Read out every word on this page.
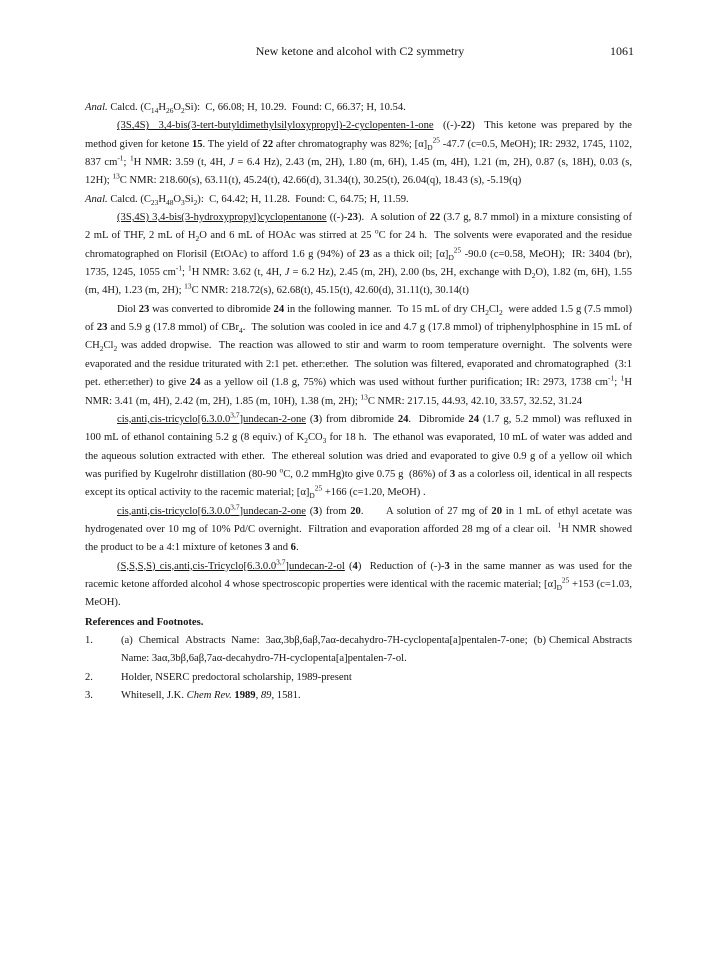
New ketone and alcohol with C2 symmetry	1061

Anal. Calcd. $(C_{14}H_{26}O_2Si)$:  C, 66.08; H, 10.29.  Found: C, 66.37; H, 10.54.

(3S,4S)  3,4-bis(3-tert-butyldimethylsilyloxypropyl)-2-cyclopenten-1-one  ((-)-22)  This ketone was prepared by the method given for ketone 15. The yield of 22 after chromatography was 82%; $[\alpha]_D^{25}$ -47.7 (c=0.5, MeOH); IR: 2932, 1745, 1102, 837 $cm^{-1}$; $^1$H NMR: 3.59 (t, 4H, J = 6.4 Hz), 2.43 (m, 2H), 1.80 (m, 6H), 1.45 (m, 4H), 1.21 (m, 2H), 0.87 (s, 18H), 0.03 (s, 12H); $^{13}$C NMR: 218.60(s), 63.11(t), 45.24(t), 42.66(d), 31.34(t), 30.25(t), 26.04(q), 18.43 (s), -5.19(q)

Anal. Calcd. $(C_{23}H_{48}O_3Si_2)$:  C, 64.42; H, 11.28.  Found: C, 64.75; H, 11.59.

(3S,4S) 3,4-bis(3-hydroxypropyl)cyclopentanone ((-)-23).  A solution of 22 (3.7 g, 8.7 mmol) in a mixture consisting of 2 mL of THF, 2 mL of $H_2O$ and 6 mL of HOAc was stirred at 25 $^o$C for 24 h.  The solvents were evaporated and the residue chromatographed on Florisil (EtOAc) to afford 1.6 g (94%) of 23 as a thick oil; $[\alpha]_D^{25}$ -90.0 (c=0.58, MeOH);  IR: 3404 (br), 1735, 1245, 1055 $cm^{-1}$; $^1$H NMR: 3.62 (t, 4H, J = 6.2 Hz), 2.45 (m, 2H), 2.00 (bs, 2H, exchange with $D_2O$), 1.82 (m, 6H), 1.55 (m, 4H), 1.23 (m, 2H); $^{13}$C NMR: 218.72(s), 62.68(t), 45.15(t), 42.60(d), 31.11(t), 30.14(t)

Diol 23 was converted to dibromide 24 in the following manner.  To 15 mL of dry $CH_2Cl_2$  were added 1.5 g (7.5 mmol) of 23 and 5.9 g (17.8 mmol) of CBr$_4$.  The solution was cooled in ice and 4.7 g (17.8 mmol) of triphenylphosphine in 15 mL of $CH_2Cl_2$ was added dropwise.  The reaction was allowed to stir and warm to room temperature overnight.  The solvents were evaporated and the residue triturated with 2:1 pet. ether:ether.  The solution was filtered, evaporated and chromatographed  (3:1 pet. ether:ether) to give 24 as a yellow oil (1.8 g, 75%) which was used without further purification; IR: 2973, 1738 $cm^{-1}$; $^1$H NMR: 3.41 (m, 4H), 2.42 (m, 2H), 1.85 (m, 10H), 1.38 (m, 2H); $^{13}$C NMR: 217.15, 44.93, 42.10, 33.57, 32.52, 31.24

cis,anti,cis-tricyclo[6.3.0.0$^{3,7}$]undecan-2-one (3) from dibromide 24.  Dibromide 24 (1.7 g, 5.2 mmol) was refluxed in 100 mL of ethanol containing 5.2 g (8 equiv.) of $K_2CO_3$ for 18 h.  The ethanol was evaporated, 10 mL of water was added and the aqueous solution extracted with ether.  The ethereal solution was dried and evaporated to give 0.9 g of a yellow oil which was purified by Kugelrohr distillation (80-90 $^o$C, 0.2 mmHg)to give 0.75 g  (86%) of 3 as a colorless oil, identical in all respects except its optical activity to the racemic material; $[\alpha]_D^{25} +166$ (c=1.20, MeOH) .

cis,anti,cis-tricyclo[6.3.0.0$^{3,7}$]undecan-2-one (3) from 20.      A solution of 27 mg of 20 in 1 mL of ethyl acetate was hydrogenated over 10 mg of 10% Pd/C overnight.  Filtration and evaporation afforded 28 mg of a clear oil.  $^1$H NMR showed the product to be a 4:1 mixture of ketones 3 and 6.

(S,S,S,S) cis,anti,cis-Tricyclo[6.3.0.0$^{3,7}$]undecan-2-ol (4)  Reduction of (-)-3 in the same manner as was used for the racemic ketone afforded alcohol 4 whose spectroscopic properties were identical with the racemic material; $[\alpha]_D^{25} +153$ (c=1.03, MeOH).

References and Footnotes.
1.	(a)  Chemical  Abstracts  Name:  3aα,3bβ,6aβ,7aα-decahydro-7H-cyclopenta[a]pentalen-7-one;  (b) Chemical Abstracts Name: 3aα,3bβ,6aβ,7aα-decahydro-7H-cyclopenta[a]pentalen-7-ol.
2.	Holder, NSERC predoctoral scholarship, 1989-present
3.	Whitesell, J.K. Chem Rev. 1989, 89, 1581.
